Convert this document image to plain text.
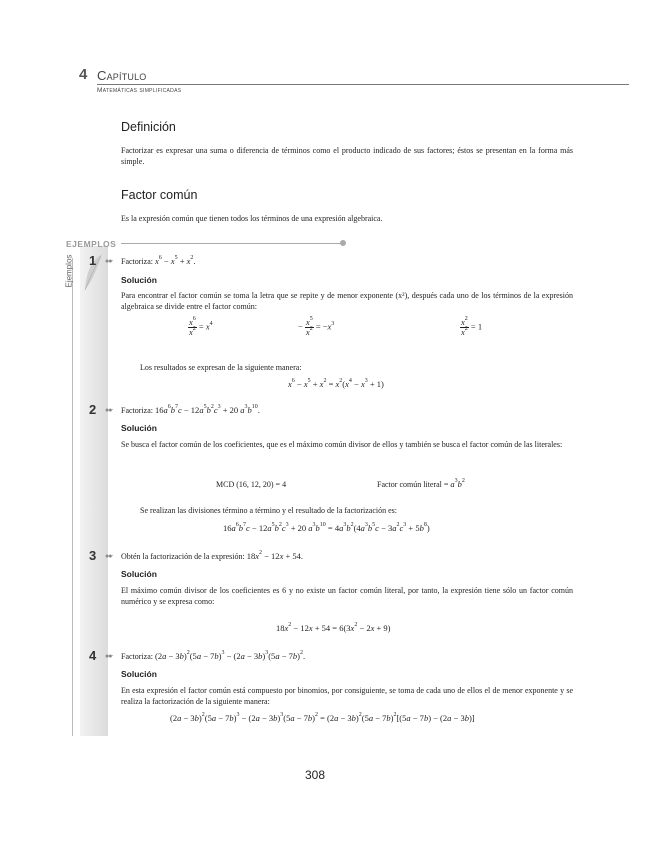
4 Capítulo
Matemáticas simplificadas
Definición
Factorizar es expresar una suma o diferencia de términos como el producto indicado de sus factores; éstos se presentan en la forma más simple.
Factor común
Es la expresión común que tienen todos los términos de una expresión algebraica.
EJEMPLOS
Ejemplos 1 ●●· Factoriza: $x^6 - x^5 + x^2$.
Solución
Para encontrar el factor común se toma la letra que se repite y de menor exponente (x²), después cada uno de los términos de la expresión algebraica se divide entre el factor común:
$\frac{x^6}{x^2} = x^4$	− $\frac{x^5}{x^2} = -x^3$	$\frac{x^2}{x^2} = 1$
Los resultados se expresan de la siguiente manera:
$x^6 - x^5 + x^2 = x^2(x^4 - x^3 + 1)$
2 ●●· Factoriza: $16a^6b^7c - 12a^5b^2c^3 + 20$ $a^3b^{10}$.
Solución
Se busca el factor común de los coeficientes, que es el máximo común divisor de ellos y también se busca el factor común de las literales:
MCD (16, 12, 20) = 4	Factor común literal = $a^3b^2$
Se realizan las divisiones término a término y el resultado de la factorización es:
$16a^6b^7c - 12a^5b^2c^3 + 20$ $a^3b^{10} = 4a^3b^2(4a^3b^5c - 3a^2c^3 + 5b^8)$
3 ●●· Obtén la factorización de la expresión: $18x^2 - 12x + 54$.
Solución
El máximo común divisor de los coeficientes es 6 y no existe un factor común literal, por tanto, la expresión tiene sólo un factor común numérico y se expresa como:
$18x^2 - 12x + 54 = 6(3x^2 - 2x + 9)$
4 ●●· Factoriza: $(2a - 3b)^2(5a - 7b)^3 - (2a - 3b)^3(5a - 7b)^2$.
Solución
En esta expresión el factor común está compuesto por binomios, por consiguiente, se toma de cada uno de ellos el de menor exponente y se realiza la factorización de la siguiente manera:
$(2a - 3b)^2(5a - 7b)^3 - (2a - 3b)^3(5a - 7b)^2 = (2a - 3b)^2(5a - 7b)^2[(5a - 7b) - (2a - 3b)]$
308
